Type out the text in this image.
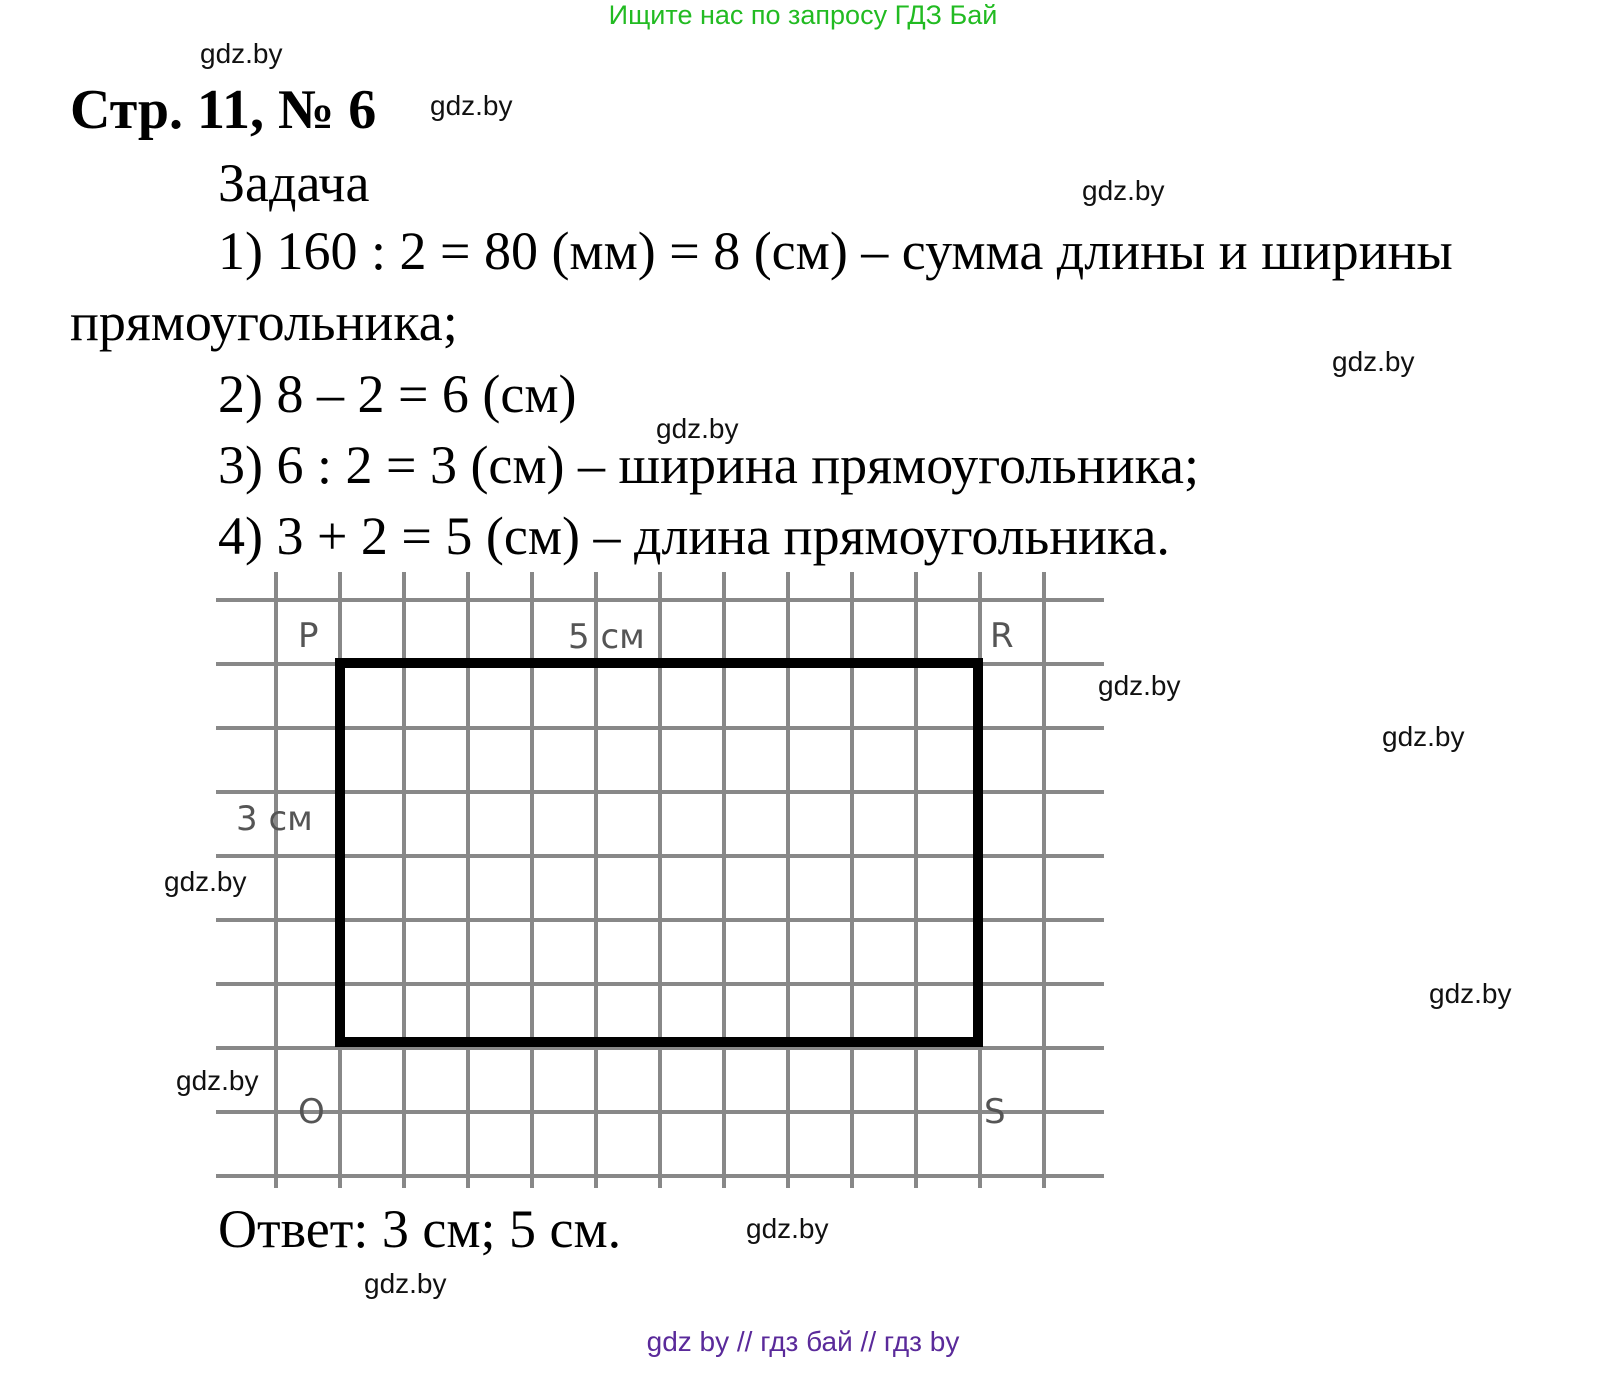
Ищите нас по запросу ГДЗ Бай
Стр. 11, № 6
Задача
1) 160 : 2 = 80 (мм) = 8 (см) – сумма длины и ширины
прямоугольника;
2) 8 – 2 = 6 (см)
3) 6 : 2 = 3 (см) – ширина прямоугольника;
4) 3 + 2 = 5 (см) – длина прямоугольника.
P	R
O	S
5 см
3 см
Ответ: 3 см; 5 см.
gdz.by
gdz.by
gdz.by
gdz.by
gdz.by
gdz.by
gdz.by
gdz.by
gdz.by
gdz.by
gdz.by
gdz.by
gdz by // гдз бай // гдз by
